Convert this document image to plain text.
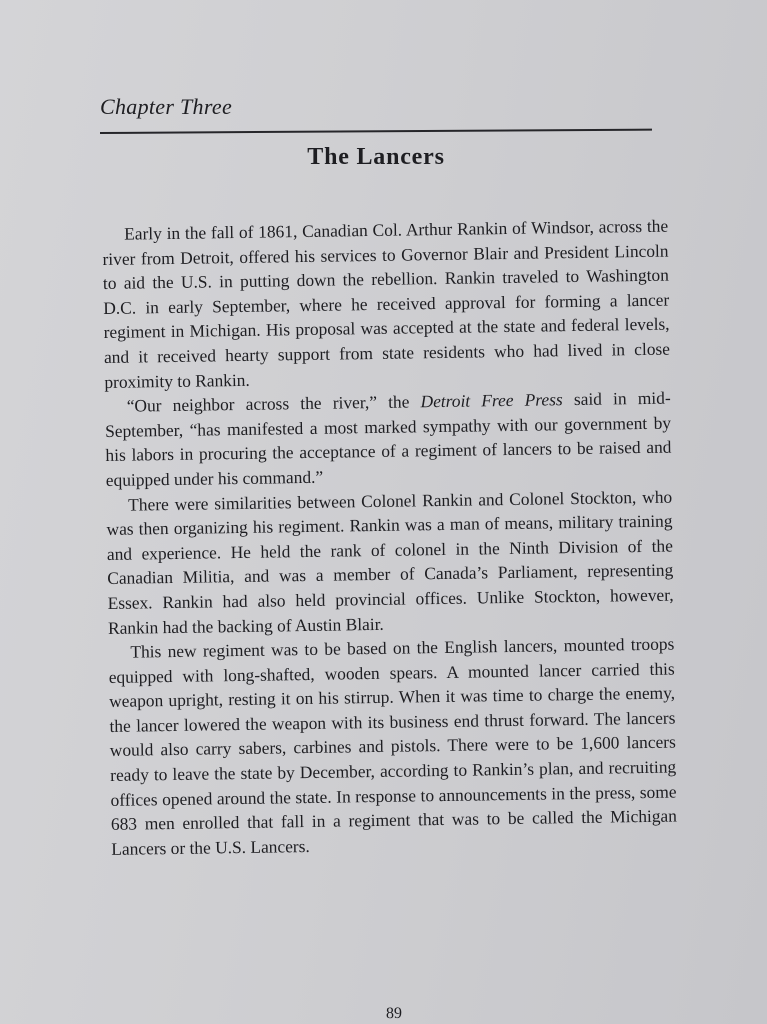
Chapter Three
The Lancers

Early in the fall of 1861, Canadian Col. Arthur Rankin of Windsor, across the river from Detroit, offered his services to Governor Blair and President Lincoln to aid the U.S. in putting down the rebellion. Rankin traveled to Washington D.C. in early September, where he received approval for forming a lancer regiment in Michigan. His proposal was accepted at the state and federal levels, and it received hearty support from state residents who had lived in close proximity to Rankin.

“Our neighbor across the river,” the Detroit Free Press said in mid-September, “has manifested a most marked sympathy with our government by his labors in procuring the acceptance of a regiment of lancers to be raised and equipped under his command.”

There were similarities between Colonel Rankin and Colonel Stockton, who was then organizing his regiment. Rankin was a man of means, military training and experience. He held the rank of colonel in the Ninth Division of the Canadian Militia, and was a member of Canada’s Parliament, representing Essex. Rankin had also held provincial offices. Unlike Stockton, however, Rankin had the backing of Austin Blair.

This new regiment was to be based on the English lancers, mounted troops equipped with long-shafted, wooden spears. A mounted lancer carried this weapon upright, resting it on his stirrup. When it was time to charge the enemy, the lancer lowered the weapon with its business end thrust forward. The lancers would also carry sabers, carbines and pistols. There were to be 1,600 lancers ready to leave the state by December, according to Rankin’s plan, and recruiting offices opened around the state. In response to announcements in the press, some 683 men enrolled that fall in a regiment that was to be called the Michigan Lancers or the U.S. Lancers.

89
